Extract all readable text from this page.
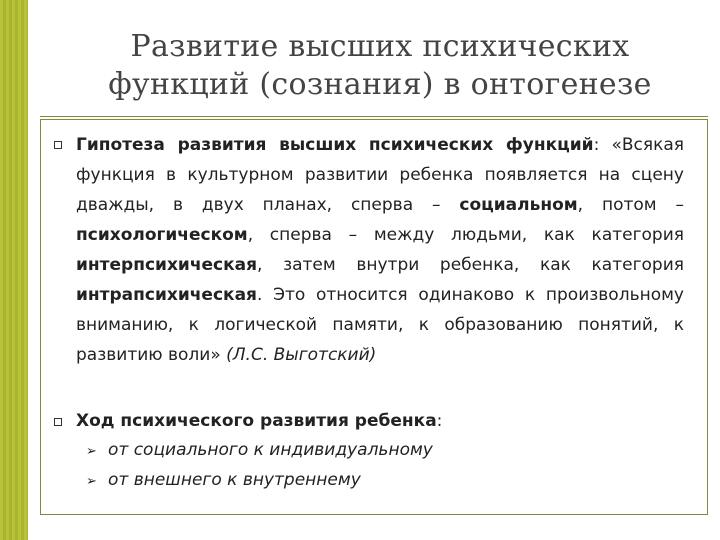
Развитие высших психических
функций (сознания) в онтогенезе
Гипотеза развития высших психических функций: «Всякая функция в культурном развитии ребенка появляется на сцену дважды, в двух планах, сперва – социальном, потом – психологическом, сперва – между людьми, как категория интерпсихическая, затем внутри ребенка, как категория интрапсихическая. Это относится одинаково к произвольному вниманию, к логической памяти, к образованию понятий, к развитию воли» (Л.С. Выготский)
Ход психического развития ребенка:
➢ от социального к индивидуальному
➢ от внешнего к внутреннему
